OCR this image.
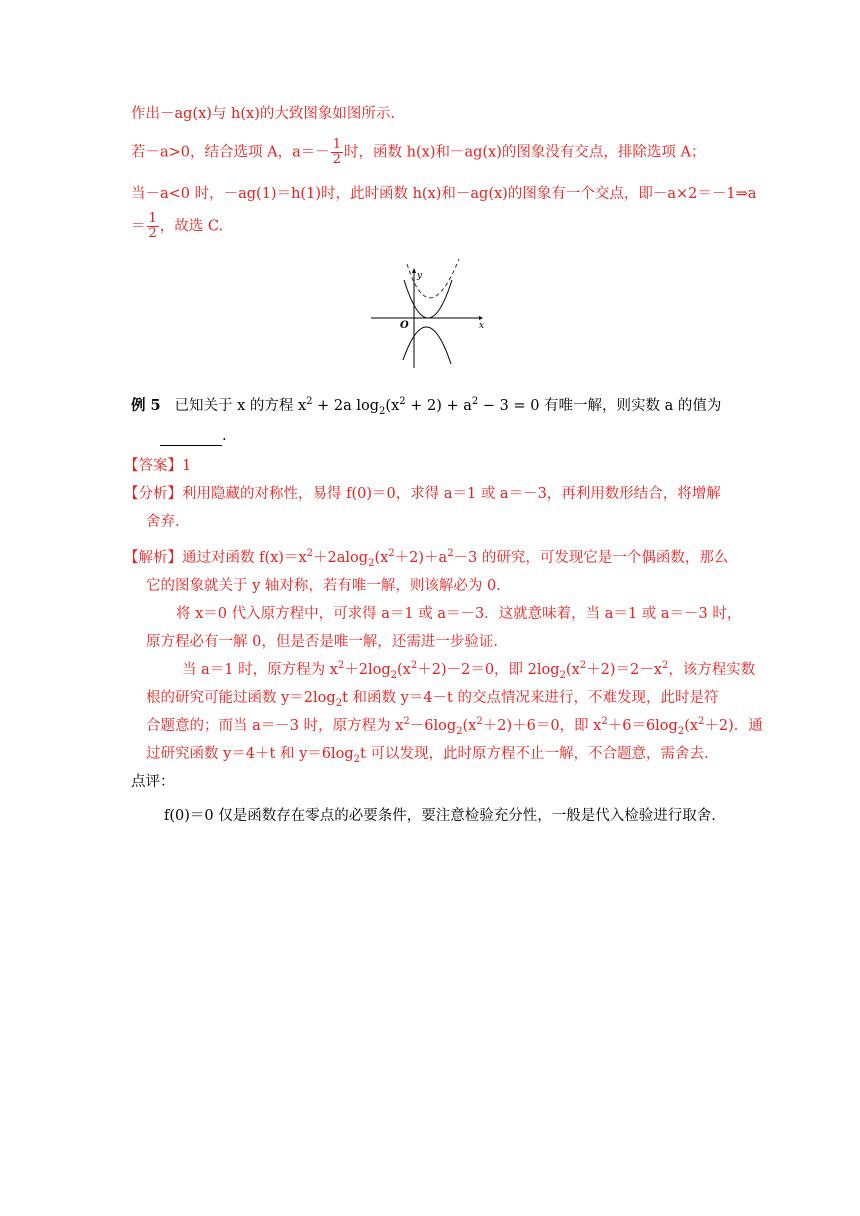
作出－ag(x)与 h(x)的大致图象如图所示.
若－a>0，结合选项 A，$a=- \frac{1}{2}$ 时，函数 h(x)和－ag(x)的图象没有交点，排除选项 A；
当－a<0 时，－ag(1)＝h(1)时，此时函数 h(x)和－ag(x)的图象有一个交点，即－a×2＝－1⇒a
＝ $\frac{1}{2}$ ，故选 C.
y
x
O
例 5 已知关于 x 的方程 $x^2 + 2a$ $\log_2(x^2 + 2) + a^2 - 3 = 0$ 有唯一解，则实数 a 的值为
.
【答案】1
【分析】利用隐藏的对称性，易得 f(0)＝0，求得 a＝1 或 a＝－3，再利用数形结合，将增解
舍弃.
【解析】通过对函数 $f(x)=x^2+2alog_2(x^2+2)+a^2-3$ 的研究，可发现它是一个偶函数，那么
它的图象就关于 y 轴对称，若有唯一解，则该解必为 0.
将 x＝0 代入原方程中，可求得 a＝1 或 a＝－3．这就意味着，当 a＝1 或 a＝－3 时，
原方程必有一解 0，但是否是唯一解，还需进一步验证.
当 a＝1 时，原方程为 $x^2+2\log_2(x^2+2)-2=0$，即 $2\log_2(x^2+2)=2-x^2$，该方程实数
根的研究可能过函数 $y=2\log_2t$ 和函数 y＝4－t 的交点情况来进行，不难发现，此时是符
合题意的；而当 a＝－3 时，原方程为 $x^2-6\log_2(x^2+2)+6=0$，即 $x^2+6=6\log_2(x^2+2)$．通
过研究函数 y＝4＋t 和 $y=6\log_2t$ 可以发现，此时原方程不止一解，不合题意，需舍去.
点评：
f(0)＝0 仅是函数存在零点的必要条件，要注意检验充分性，一般是代入检验进行取舍.
